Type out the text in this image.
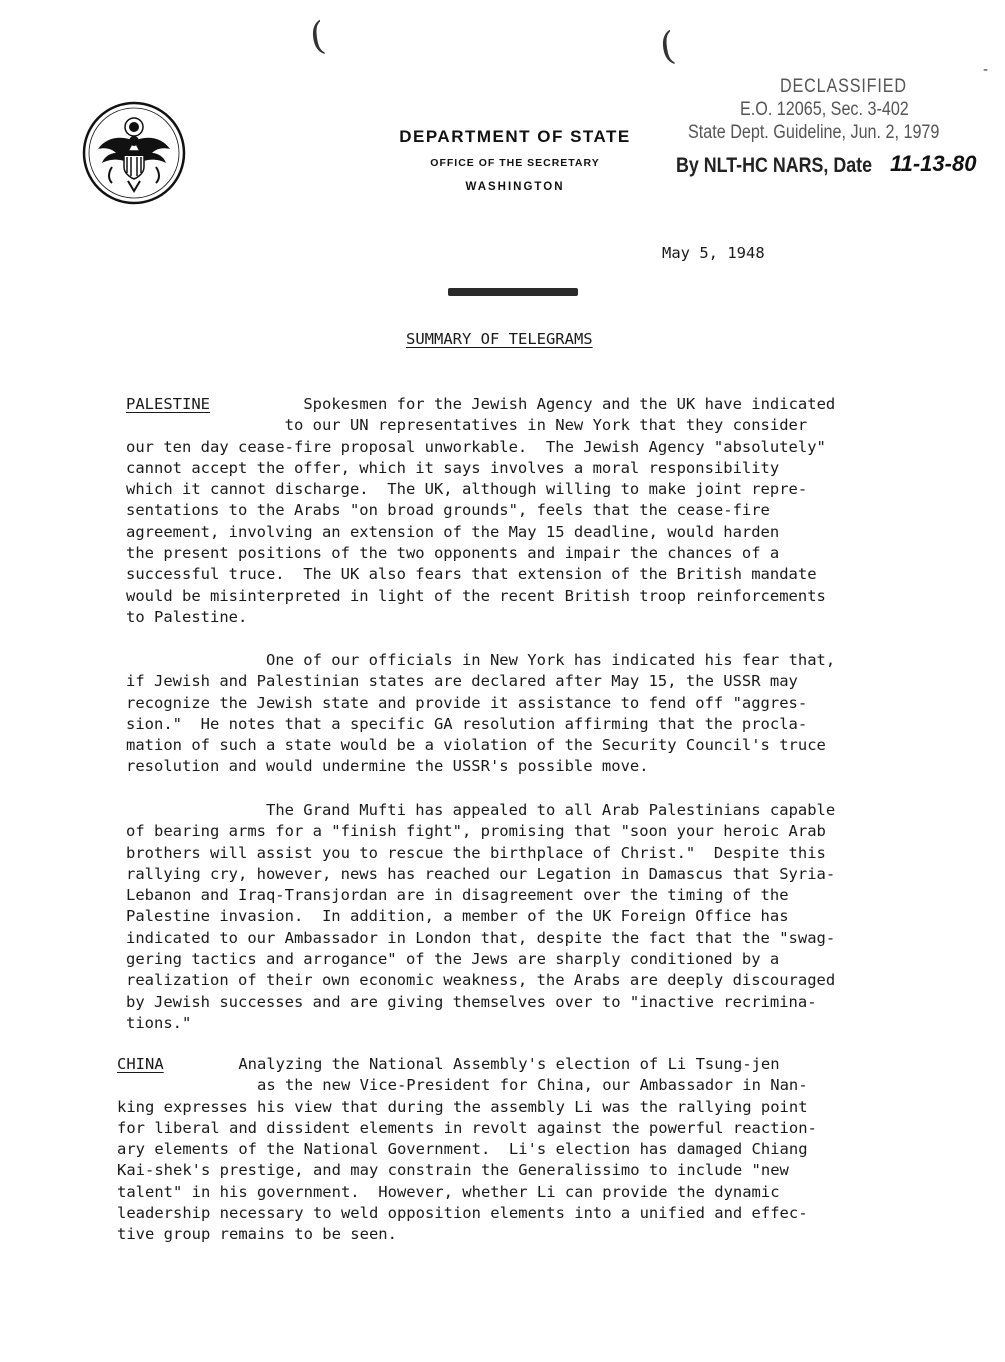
DEPARTMENT OF STATE
OFFICE OF THE SECRETARY
WASHINGTON
(	(
-
DECLASSIFIED
E.O. 12065, Sec. 3-402
State Dept. Guideline, Jun. 2, 1979
By NLT-HC NARS, Date 11-13-80
May 5, 1948
SUMMARY OF TELEGRAMS
PALESTINE	Spokesmen for the Jewish Agency and the UK have indicated
to our UN representatives in New York that they consider
our ten day cease-fire proposal unworkable.  The Jewish Agency "absolutely"
cannot accept the offer, which it says involves a moral responsibility
which it cannot discharge.  The UK, although willing to make joint repre-
sentations to the Arabs "on broad grounds", feels that the cease-fire
agreement, involving an extension of the May 15 deadline, would harden
the present positions of the two opponents and impair the chances of a
successful truce.  The UK also fears that extension of the British mandate
would be misinterpreted in light of the recent British troop reinforcements
to Palestine.
One of our officials in New York has indicated his fear that,
if Jewish and Palestinian states are declared after May 15, the USSR may
recognize the Jewish state and provide it assistance to fend off "aggres-
sion."  He notes that a specific GA resolution affirming that the procla-
mation of such a state would be a violation of the Security Council's truce
resolution and would undermine the USSR's possible move.
The Grand Mufti has appealed to all Arab Palestinians capable
of bearing arms for a "finish fight", promising that "soon your heroic Arab
brothers will assist you to rescue the birthplace of Christ."  Despite this
rallying cry, however, news has reached our Legation in Damascus that Syria-
Lebanon and Iraq-Transjordan are in disagreement over the timing of the
Palestine invasion.  In addition, a member of the UK Foreign Office has
indicated to our Ambassador in London that, despite the fact that the "swag-
gering tactics and arrogance" of the Jews are sharply conditioned by a
realization of their own economic weakness, the Arabs are deeply discouraged
by Jewish successes and are giving themselves over to "inactive recrimina-
tions."
CHINA	Analyzing the National Assembly's election of Li Tsung-jen
as the new Vice-President for China, our Ambassador in Nan-
king expresses his view that during the assembly Li was the rallying point
for liberal and dissident elements in revolt against the powerful reaction-
ary elements of the National Government.  Li's election has damaged Chiang
Kai-shek's prestige, and may constrain the Generalissimo to include "new
talent" in his government.  However, whether Li can provide the dynamic
leadership necessary to weld opposition elements into a unified and effec-
tive group remains to be seen.
